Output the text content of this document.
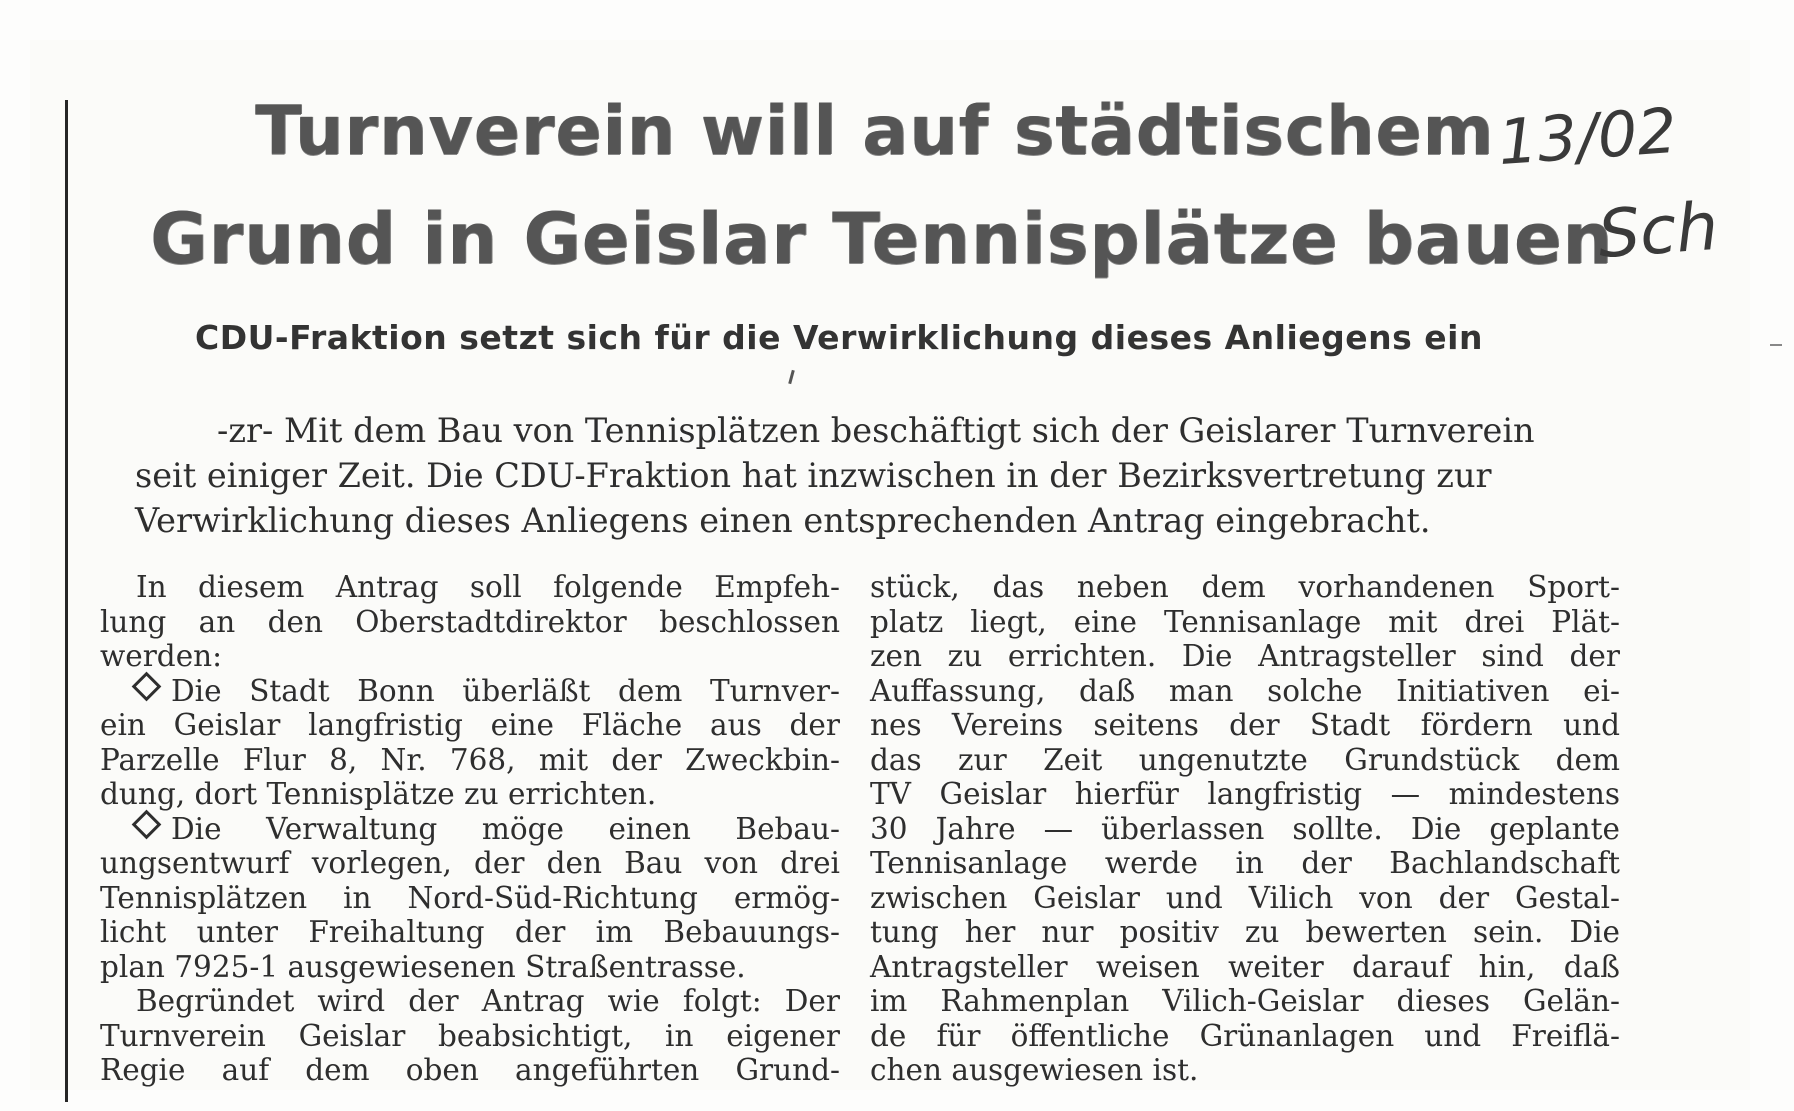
Turnverein will auf städtischem
Grund in Geislar Tennisplätze bauen
13/02
Sch
CDU-Fraktion setzt sich für die Verwirklichung dieses Anliegens ein

-zr- Mit dem Bau von Tennisplätzen beschäftigt sich der Geislarer Turnverein

seit einiger Zeit. Die CDU-Fraktion hat inzwischen in der Bezirksvertretung zur

Verwirklichung dieses Anliegens einen entsprechenden Antrag eingebracht.

In diesem Antrag soll folgende Empfeh-
lung an den Oberstadtdirektor beschlossen
werden:
Die Stadt Bonn überläßt dem Turnver-
ein Geislar langfristig eine Fläche aus der
Parzelle Flur 8, Nr. 768, mit der Zweckbin-
dung, dort Tennisplätze zu errichten.
Die Verwaltung möge einen Bebau-
ungsentwurf vorlegen, der den Bau von drei
Tennisplätzen in Nord-Süd-Richtung ermög-
licht unter Freihaltung der im Bebauungs-
plan 7925-1 ausgewiesenen Straßentrasse.
Begründet wird der Antrag wie folgt: Der
Turnverein Geislar beabsichtigt, in eigener
Regie auf dem oben angeführten Grund-
stück, das neben dem vorhandenen Sport-
platz liegt, eine Tennisanlage mit drei Plät-
zen zu errichten. Die Antragsteller sind der
Auffassung, daß man solche Initiativen ei-
nes Vereins seitens der Stadt fördern und
das zur Zeit ungenutzte Grundstück dem
TV Geislar hierfür langfristig — mindestens
30 Jahre — überlassen sollte. Die geplante
Tennisanlage werde in der Bachlandschaft
zwischen Geislar und Vilich von der Gestal-
tung her nur positiv zu bewerten sein. Die
Antragsteller weisen weiter darauf hin, daß
im Rahmenplan Vilich-Geislar dieses Gelän-
de für öffentliche Grünanlagen und Freiflä-
chen ausgewiesen ist.
